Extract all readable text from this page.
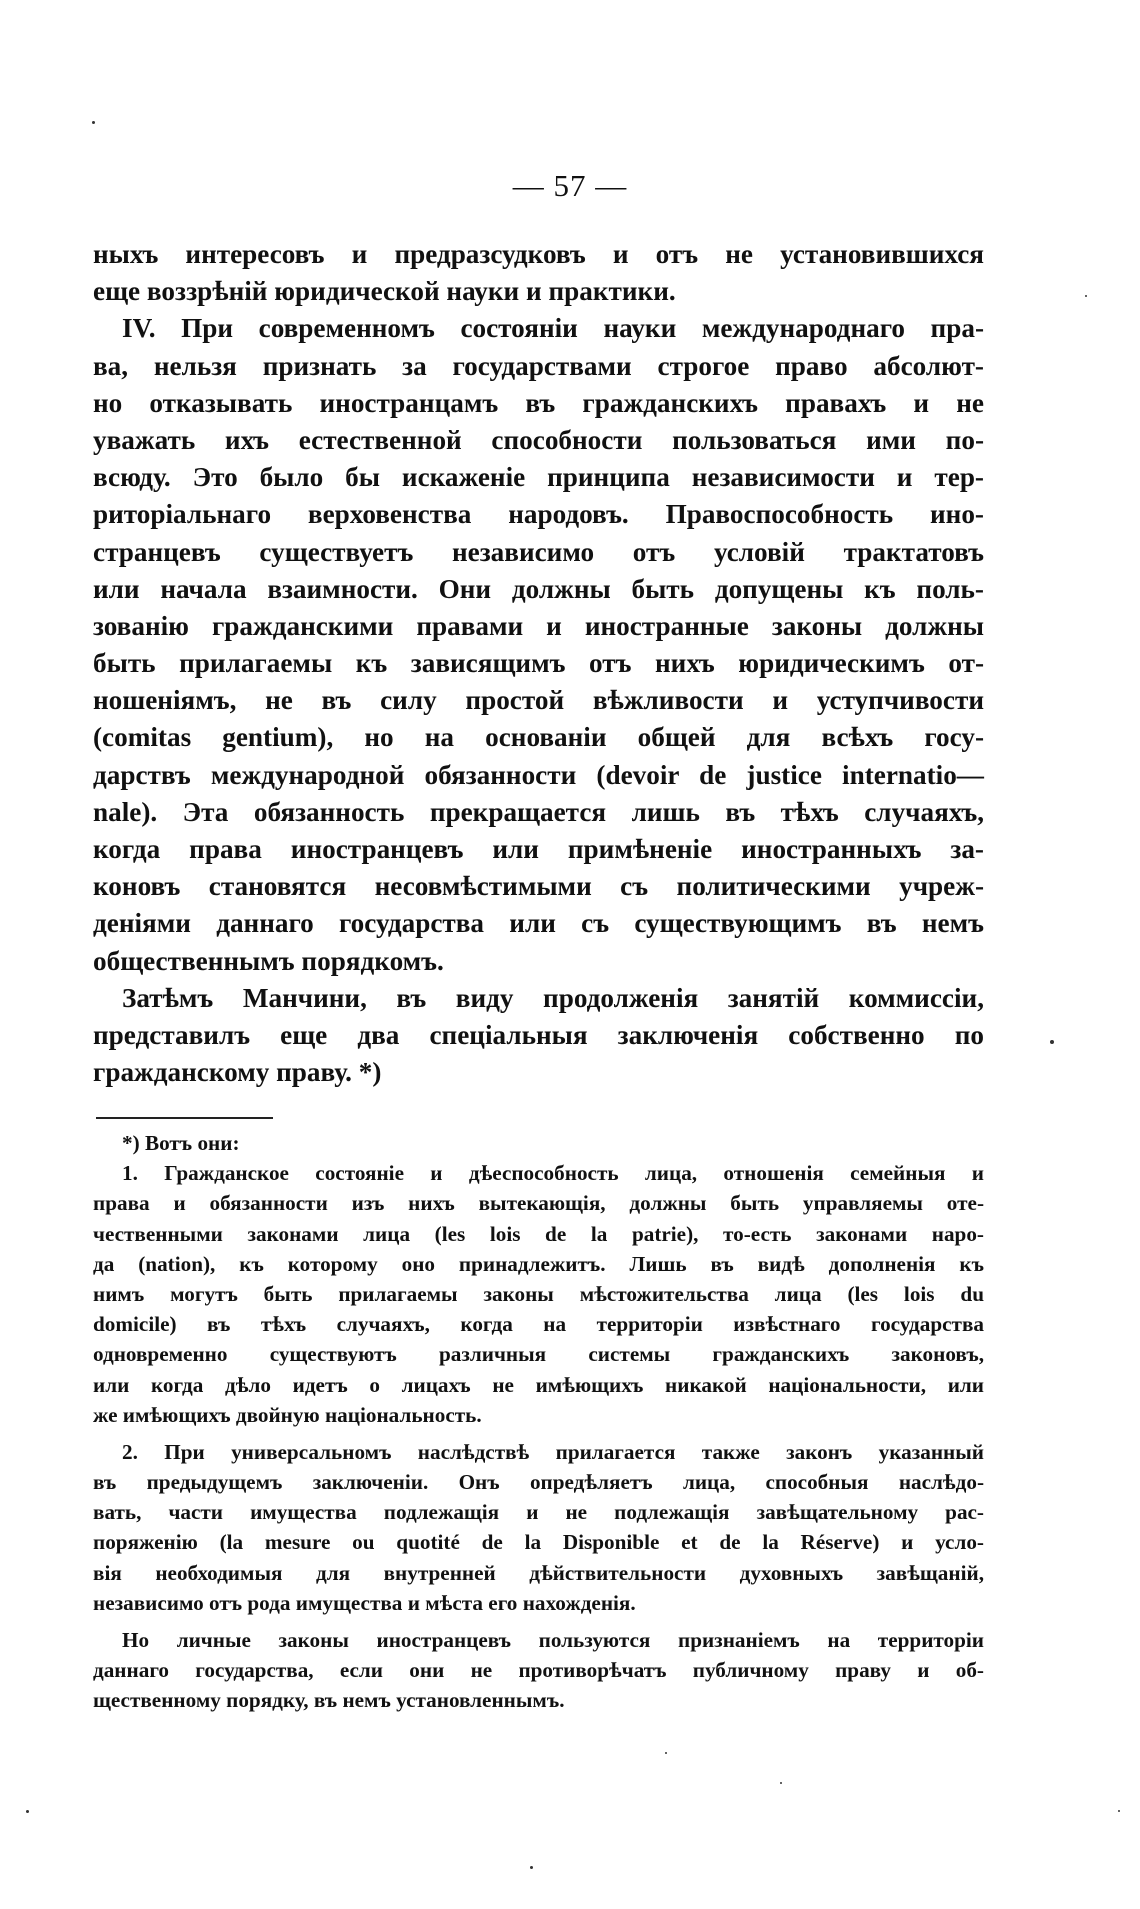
— 57 —
ныхъ интересовъ и предразсудковъ и отъ не установившихся
еще воззрѣній юридической науки и практики.
IV. При современномъ состояніи науки международнаго пра-
ва, нельзя признать за государствами строгое право абсолют-
но отказывать иностранцамъ въ гражданскихъ правахъ и не
уважать ихъ естественной способности пользоваться ими по-
всюду. Это было бы искаженіе принципа независимости и тер-
риторіальнаго верховенства народовъ. Правоспособность ино-
странцевъ существуетъ независимо отъ условій трактатовъ
или начала взаимности. Они должны быть допущены къ поль-
зованію гражданскими правами и иностранные законы должны
быть прилагаемы къ зависящимъ отъ нихъ юридическимъ от-
ношеніямъ, не въ силу простой вѣжливости и уступчивости
(comitas gentium), но на основаніи общей для всѣхъ госу-
дарствъ международной обязанности (devoir de justice internatio—
nale). Эта обязанность прекращается лишь въ тѣхъ случаяхъ,
когда права иностранцевъ или примѣненіе иностранныхъ за-
коновъ становятся несовмѣстимыми съ политическими учреж-
деніями даннаго государства или съ существующимъ въ немъ
общественнымъ порядкомъ.
Затѣмъ Манчини, въ виду продолженія занятій коммиссіи,
представилъ еще два спеціальныя заключенія собственно по
гражданскому праву. *)
*) Вотъ они:
1. Гражданское состояніе и дѣеспособность лица, отношенія семейныя и
права и обязанности изъ нихъ вытекающія, должны быть управляемы оте-
чественными законами лица (les lois de la patrie), то-есть законами наро-
да (nation), къ которому оно принадлежитъ. Лишь въ видѣ дополненія къ
нимъ могутъ быть прилагаемы законы мѣстожительства лица (les lois du
domicile) въ тѣхъ случаяхъ, когда на территоріи извѣстнаго государства
одновременно существуютъ различныя системы гражданскихъ законовъ,
или когда дѣло идетъ о лицахъ не имѣющихъ никакой національности, или
же имѣющихъ двойную національность.
2. При универсальномъ наслѣдствѣ прилагается также законъ указанный
въ предыдущемъ заключеніи. Онъ опредѣляетъ лица, способныя наслѣдо-
вать, части имущества подлежащія и не подлежащія завѣщательному рас-
поряженію (la mesure ou quotité de la Disponible et de la Réserve) и усло-
вія необходимыя для внутренней дѣйствительности духовныхъ завѣщаній,
независимо отъ рода имущества и мѣста его нахожденія.
Но личные законы иностранцевъ пользуются признаніемъ на территоріи
даннаго государства, если они не противорѣчатъ публичному праву и об-
щественному порядку, въ немъ установленнымъ.
